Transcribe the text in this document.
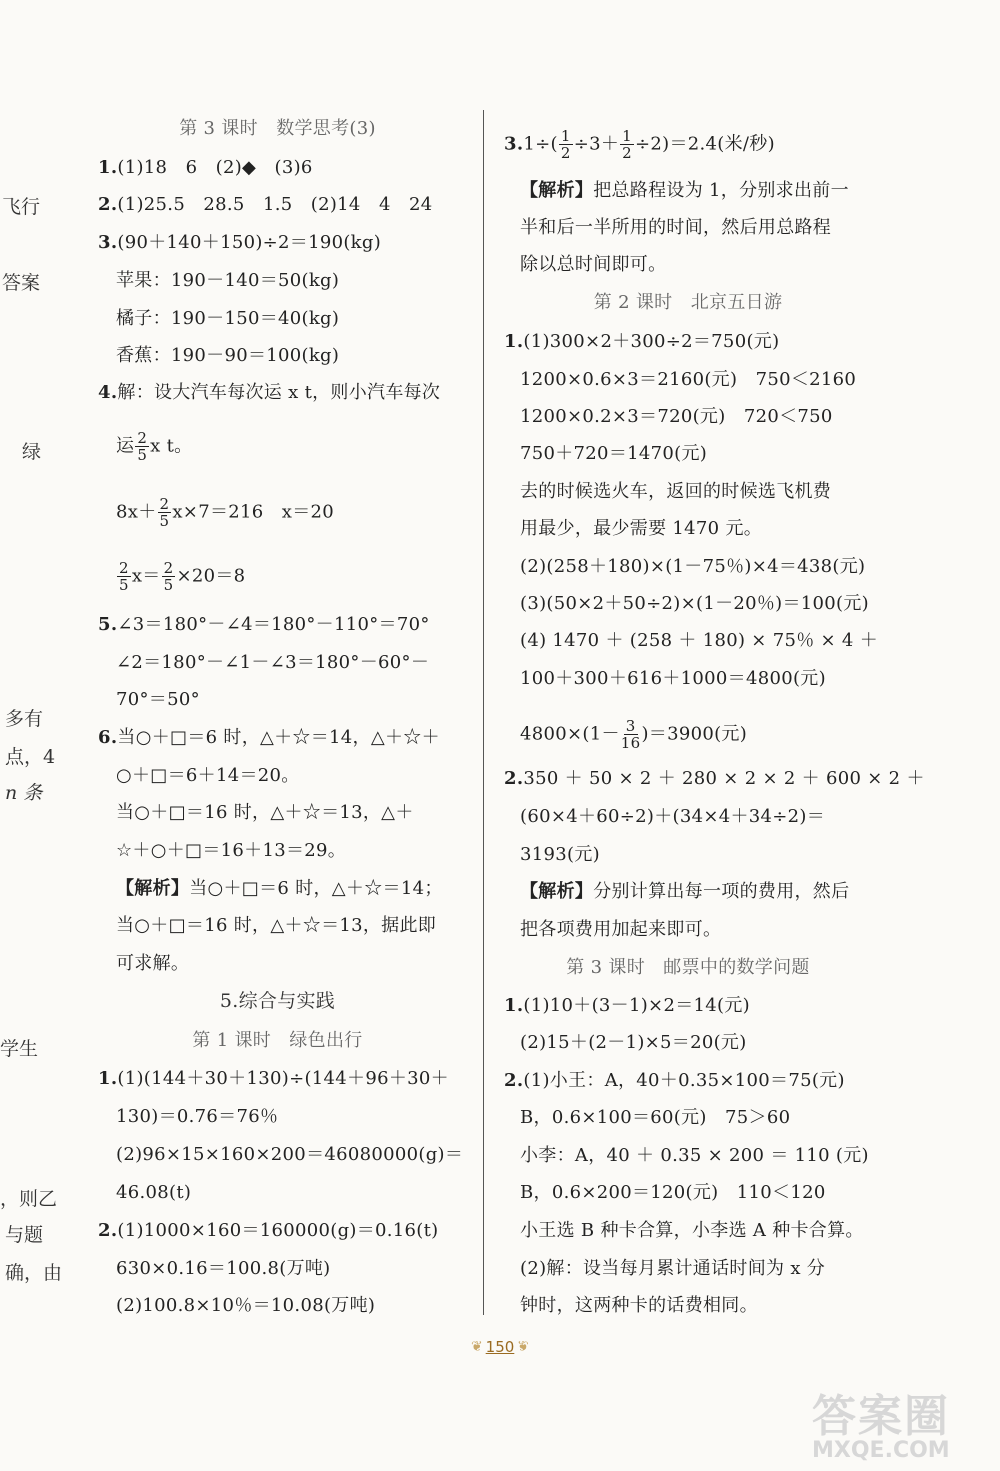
飞行
答案
绿
多有
点，4
n 条
学生
，则乙
与题
确，由
第 3 课时　数学思考(3)
1.(1)18　6　(2)◆　(3)6
2.(1)25.5　28.5　1.5　(2)14　4　24
3.(90＋140＋150)÷2＝190(kg)
苹果：190－140＝50(kg)
橘子：190－150＝40(kg)
香蕉：190－90＝100(kg)
4.解：设大汽车每次运 x t，则小汽车每次
运 $\frac{2}{5}$ x t。
$8x+ \frac{2}{5} x\times 7=216$　x＝20
$\frac{2}{5} x= \frac{2}{5} \times 20=8$
5.∠3＝180°－∠4＝180°－110°＝70°
∠2＝180°－∠1－∠3＝180°－60°－
70°＝50°
6.当○＋□＝6 时，△＋☆＝14，△＋☆＋
○＋□＝6＋14＝20。
当○＋□＝16 时，△＋☆＝13，△＋
☆＋○＋□＝16＋13＝29。
【解析】当○＋□＝6 时，△＋☆＝14；
当○＋□＝16 时，△＋☆＝13，据此即
可求解。
5.综合与实践
第 1 课时　绿色出行
1.(1)(144＋30＋130)÷(144＋96＋30＋
130)＝0.76＝76％
(2)96×15×160×200＝46080000(g)＝
46.08(t)
2.(1)1000×160＝160000(g)＝0.16(t)
630×0.16＝100.8(万吨)
(2)100.8×10％＝10.08(万吨)
$3.1\div( \frac{1}{2} \div 3+ \frac{1}{2} \div 2)=2.4$(米/秒)
【解析】把总路程设为 1，分别求出前一
半和后一半所用的时间，然后用总路程
除以总时间即可。
第 2 课时　北京五日游
1.(1)300×2＋300÷2＝750(元)
1200×0.6×3＝2160(元)　750＜2160
1200×0.2×3＝720(元)　720＜750
750＋720＝1470(元)
去的时候选火车，返回的时候选飞机费
用最少，最少需要 1470 元。
(2)(258＋180)×(1－75％)×4＝438(元)
(3)(50×2＋50÷2)×(1－20％)＝100(元)
(4) 1470 ＋ (258 ＋ 180) × 75％ × 4 ＋
100＋300＋616＋1000＝4800(元)
$4800\times(1- \frac{3}{16} )=3900$(元)
2.350 ＋ 50 × 2 ＋ 280 × 2 × 2 ＋ 600 × 2 ＋
(60×4＋60÷2)＋(34×4＋34÷2)＝
3193(元)
【解析】分别计算出每一项的费用，然后
把各项费用加起来即可。
第 3 课时　邮票中的数学问题
1.(1)10＋(3－1)×2＝14(元)
(2)15＋(2－1)×5＝20(元)
2.(1)小王：A，40＋0.35×100＝75(元)
B，0.6×100＝60(元)　75＞60
小李：A，40 ＋ 0.35 × 200 ＝ 110 (元)
B，0.6×200＝120(元)　110＜120
小王选 B 种卡合算，小李选 A 种卡合算。
(2)解：设当每月累计通话时间为 x 分
钟时，这两种卡的话费相同。
❦ 150 ❦
答案圈
MXQE.COM
